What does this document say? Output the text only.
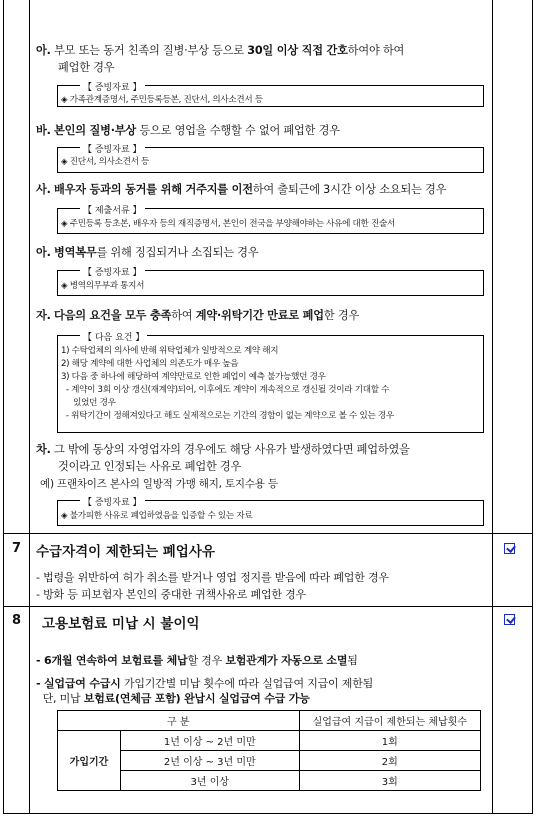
아. 부모 또는 동거 친족의 질병·부상 등으로 30일 이상 직접 간호하여야 하여
폐업한 경우
【 증빙자료 】
◈ 가족관계증명서, 주민등록등본, 진단서, 의사소견서 등
바. 본인의 질병·부상 등으로 영업을 수행할 수 없어 폐업한 경우
【 증빙자료 】
◈ 진단서, 의사소견서 등
사. 배우자 등과의 동거를 위해 거주지를 이전하여 출퇴근에 3시간 이상 소요되는 경우
【 제출서류 】
◈ 주민등록 등초본, 배우자 등의 재직증명서, 본인이 전국을 부양해야하는 사유에 대한 진술서
아. 병역복무를 위해 징집되거나 소집되는 경우
【 증빙자료 】
◈ 병역의무부과 통지서
자. 다음의 요건을 모두 충족하여 계약·위탁기간 만료로 폐업한 경우
【 다음 요건 】
1) 수탁업체의 의사에 반해 위탁업체가 일방적으로 계약 해지
2) 해당 계약에 대한 사업체의 의존도가 매우 높음
3) 다음 중 하나에 해당하여 계약만료로 인한 폐업이 예측 불가능했던 경우
- 계약이 3회 이상 갱신(재계약)되어, 이후에도 계약이 계속적으로 갱신될 것이라 기대할 수
있었던 경우
- 위탁기간이 정해져있다고 해도 실제적으로는 기간의 경함이 없는 계약으로 볼 수 있는 경우
차. 그 밖에 동상의 자영업자의 경우에도 해당 사유가 발생하였다면 폐업하였을
것이라고 인정되는 사유로 폐업한 경우
예) 프랜차이즈 본사의 일방적 가맹 해지, 토지수용 등
【 증빙자료 】
◈ 불가피한 사유로 폐업하였음을 입증할 수 있는 자료
7 수급자격이 제한되는 폐업사유
- 법령을 위반하여 허가 취소를 받거나 영업 정지를 받음에 따라 폐업한 경우
- 방화 등 피보험자 본인의 중대한 귀책사유로 폐업한 경우
8 고용보험료 미납 시 불이익
- 6개월 연속하여 보험료를 체납할 경우 보험관계가 자동으로 소멸됨
- 실업급여 수급시 가입기간별 미납 횟수에 따라 실업급여 지급이 제한됨
단, 미납 보험료(연체금 포함) 완납시 실업급여 수급 가능
구 분		실업급여 지급이 제한되는 체납횟수
가입기간	1년 이상 ~ 2년 미만	1회
	2년 이상 ~ 3년 미만	2회
	3년 이상	3회
